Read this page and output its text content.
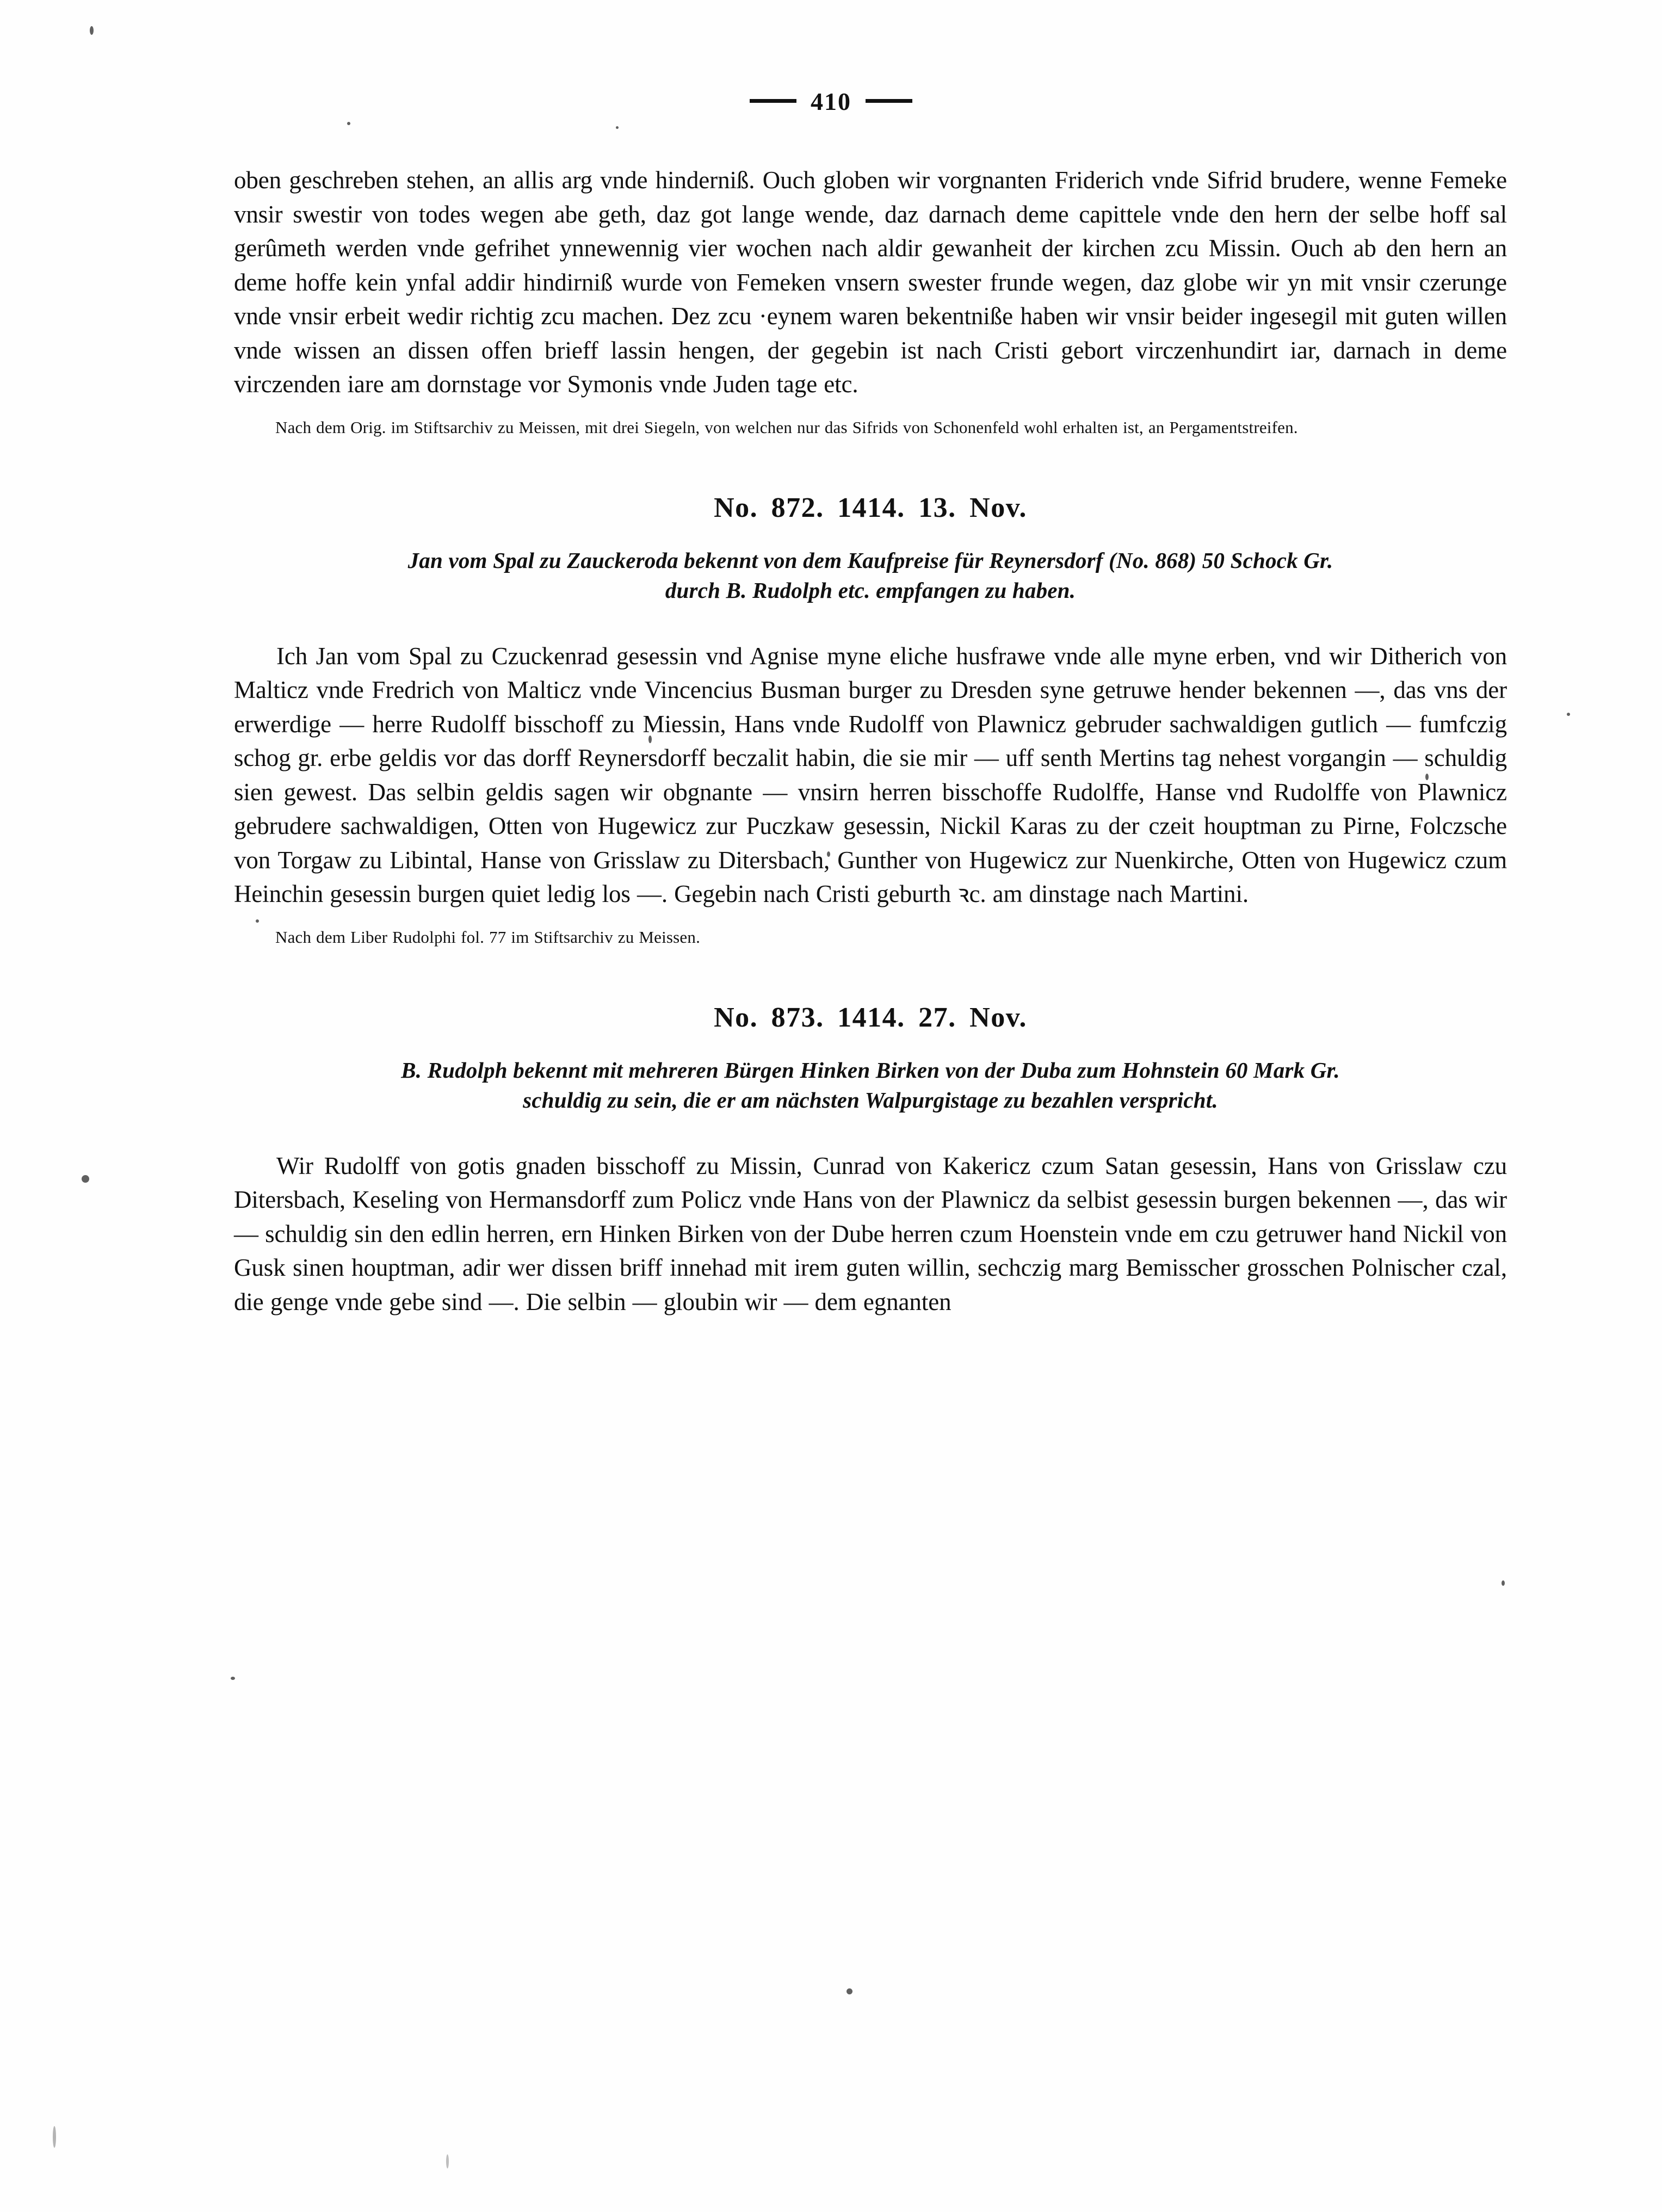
410

oben geschreben stehen, an allis arg vnde hinderniß. Ouch globen wir vorgnanten Friderich vnde Sifrid brudere, wenne Femeke vnsir swestir von todes wegen abe geth, daz got lange wende, daz darnach deme capittele vnde den hern der selbe hoff sal gerûmeth werden vnde gefrihet ynnewennig vier wochen nach aldir gewanheit der kirchen zcu Missin. Ouch ab den hern an deme hoffe kein ynfal addir hindirniß wurde von Femeken vnsern swester frunde wegen, daz globe wir yn mit vnsir czerunge vnde vnsir erbeit wedir richtig zcu machen. Dez zcu ·eynem waren bekentniße haben wir vnsir beider ingesegil mit guten willen vnde wissen an dissen offen brieff lassin hengen, der gegebin ist nach Cristi gebort virczenhundirt iar, darnach in deme virczenden iare am dornstage vor Symonis vnde Juden tage etc.

Nach dem Orig. im Stiftsarchiv zu Meissen, mit drei Siegeln, von welchen nur das Sifrids von Schonenfeld wohl erhalten ist, an Pergamentstreifen.

No. 872. 1414. 13. Nov.

Jan vom Spal zu Zauckeroda bekennt von dem Kaufpreise für Reynersdorf (No. 868) 50 Schock Gr.
durch B. Rudolph etc. empfangen zu haben.

Ich Jan vom Spal zu Czuckenrad gesessin vnd Agnise myne eliche husfrawe vnde alle myne erben, vnd wir Ditherich von Malticz vnde Fredrich von Malticz vnde Vincencius Busman burger zu Dresden syne getruwe hender bekennen —, das vns der erwerdige — herre Rudolff bisschoff zu Miessin, Hans vnde Rudolff von Plawnicz gebruder sachwaldigen gutlich — fumfczig schog gr. erbe geldis vor das dorff Reynersdorff beczalit habin, die sie mir — uff senth Mertins tag nehest vorgangin — schuldig sien gewest. Das selbin geldis sagen wir obgnante — vnsirn herren bisschoffe Rudolffe, Hanse vnd Rudolffe von Plawnicz gebrudere sachwaldigen, Otten von Hugewicz zur Puczkaw gesessin, Nickil Karas zu der czeit houptman zu Pirne, Folczsche von Torgaw zu Libintal, Hanse von Grisslaw zu Ditersbach, Gunther von Hugewicz zur Nuenkirche, Otten von Hugewicz czum Heinchin gesessin burgen quiet ledig los —. Gegebin nach Cristi geburth ꝛc. am dinstage nach Martini.

Nach dem Liber Rudolphi fol. 77 im Stiftsarchiv zu Meissen.

No. 873. 1414. 27. Nov.

B. Rudolph bekennt mit mehreren Bürgen Hinken Birken von der Duba zum Hohnstein 60 Mark Gr.
schuldig zu sein, die er am nächsten Walpurgistage zu bezahlen verspricht.

Wir Rudolff von gotis gnaden bisschoff zu Missin, Cunrad von Kakericz czum Satan gesessin, Hans von Grisslaw czu Ditersbach, Keseling von Hermansdorff zum Policz vnde Hans von der Plawnicz da selbist gesessin burgen bekennen —, das wir — schuldig sin den edlin herren, ern Hinken Birken von der Dube herren czum Hoenstein vnde em czu getruwer hand Nickil von Gusk sinen houptman, adir wer dissen briff innehad mit irem guten willin, sechczig marg Bemisscher grosschen Polnischer czal, die genge vnde gebe sind —. Die selbin — gloubin wir — dem egnanten
